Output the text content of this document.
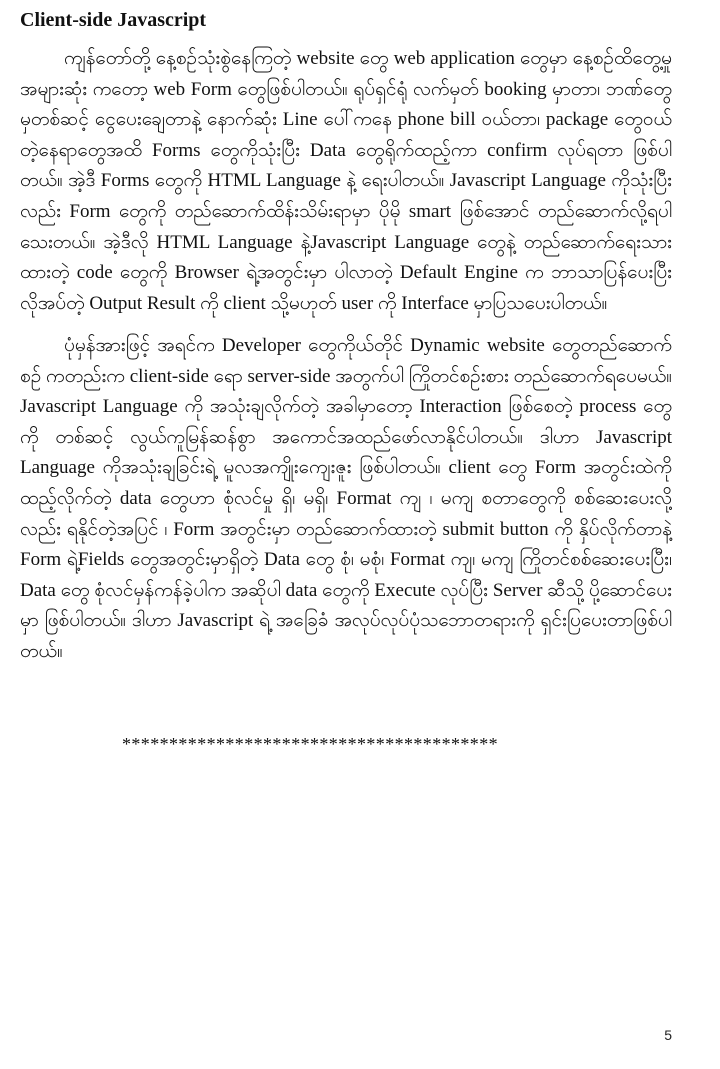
Client-side Javascript

ကျန်တော်တို့ နေ့စဉ်သုံးစွဲနေကြတဲ့ website တွေ web application တွေမှာ နေ့စဉ်ထိတွေ့မှု အများဆုံး ကတော့ web Form တွေဖြစ်ပါတယ်။ ရုပ်ရှင်ရုံ လက်မှတ် booking မှာတာ၊ ဘဏ်တွေမှတစ်ဆင့် ငွေပေးချေတာနဲ့ နောက်ဆုံး Line ပေါ်ကနေ phone bill ဝယ်တာ၊ package တွေဝယ်တဲ့နေရာတွေအထိ Forms တွေကိုသုံးပြီး Data တွေရိုက်ထည့်ကာ confirm လုပ်ရတာ ဖြစ်ပါတယ်။ အဲ့ဒီ Forms တွေကို HTML Language နဲ့ ရေးပါတယ်။ Javascript Language ကိုသုံးပြီးလည်း Form တွေကို တည်ဆောက်ထိန်းသိမ်းရာမှာ ပိုမို smart ဖြစ်အောင် တည်ဆောက်လို့ရပါသေးတယ်။ အဲ့ဒီလို HTML Language နဲ့Javascript Language တွေနဲ့ တည်ဆောက်ရေးသားထားတဲ့ code တွေကို Browser ရဲ့အတွင်းမှာ ပါလာတဲ့ Default Engine က ဘာသာပြန်ပေးပြီး လိုအပ်တဲ့ Output Result ကို client သို့မဟုတ် user ကို Interface မှာပြသပေးပါတယ်။

ပုံမှန်အားဖြင့် အရင်က Developer တွေကိုယ်တိုင် Dynamic website တွေတည်ဆောက်စဉ် ကတည်းက client-side ရော server-side အတွက်ပါ ကြိုတင်စဉ်းစား တည်ဆောက်ရပေမယ်။ Javascript Language ကို အသုံးချလိုက်တဲ့ အခါမှာတော့ Interaction ဖြစ်စေတဲ့ process တွေကို တစ်ဆင့် လွယ်ကူမြန်ဆန်စွာ အကောင်အထည်ဖော်လာနိုင်ပါတယ်။ ဒါဟာ Javascript Language ကိုအသုံးချခြင်းရဲ့ မူလအကျိုးကျေးဇူး ဖြစ်ပါတယ်။ client တွေ Form အတွင်းထဲကို ထည့်လိုက်တဲ့ data တွေဟာ စုံလင်မှု ရှိ၊ မရှိ၊ Format ကျ ၊ မကျ စတာတွေကို စစ်ဆေးပေးလို့လည်း ရနိုင်တဲ့အပြင် ၊ Form အတွင်းမှာ တည်ဆောက်ထားတဲ့ submit button ကို နှိပ်လိုက်တာနဲ့ Form ရဲ့Fields တွေအတွင်းမှာရှိတဲ့ Data တွေ စုံ၊ မစုံ၊ Format ကျ၊ မကျ ကြိုတင်စစ်ဆေးပေးပြီး၊ Data တွေ စုံလင်မှန်ကန်ခဲ့ပါက အဆိုပါ data တွေကို Execute လုပ်ပြီး Server ဆီသို့ ပို့ဆောင်ပေးမှာ ဖြစ်ပါတယ်။ ဒါဟာ Javascript ရဲ့ အခြေခံ အလုပ်လုပ်ပုံသဘောတရားကို ရှင်းပြပေးတာဖြစ်ပါတယ်။

****************************************
5
